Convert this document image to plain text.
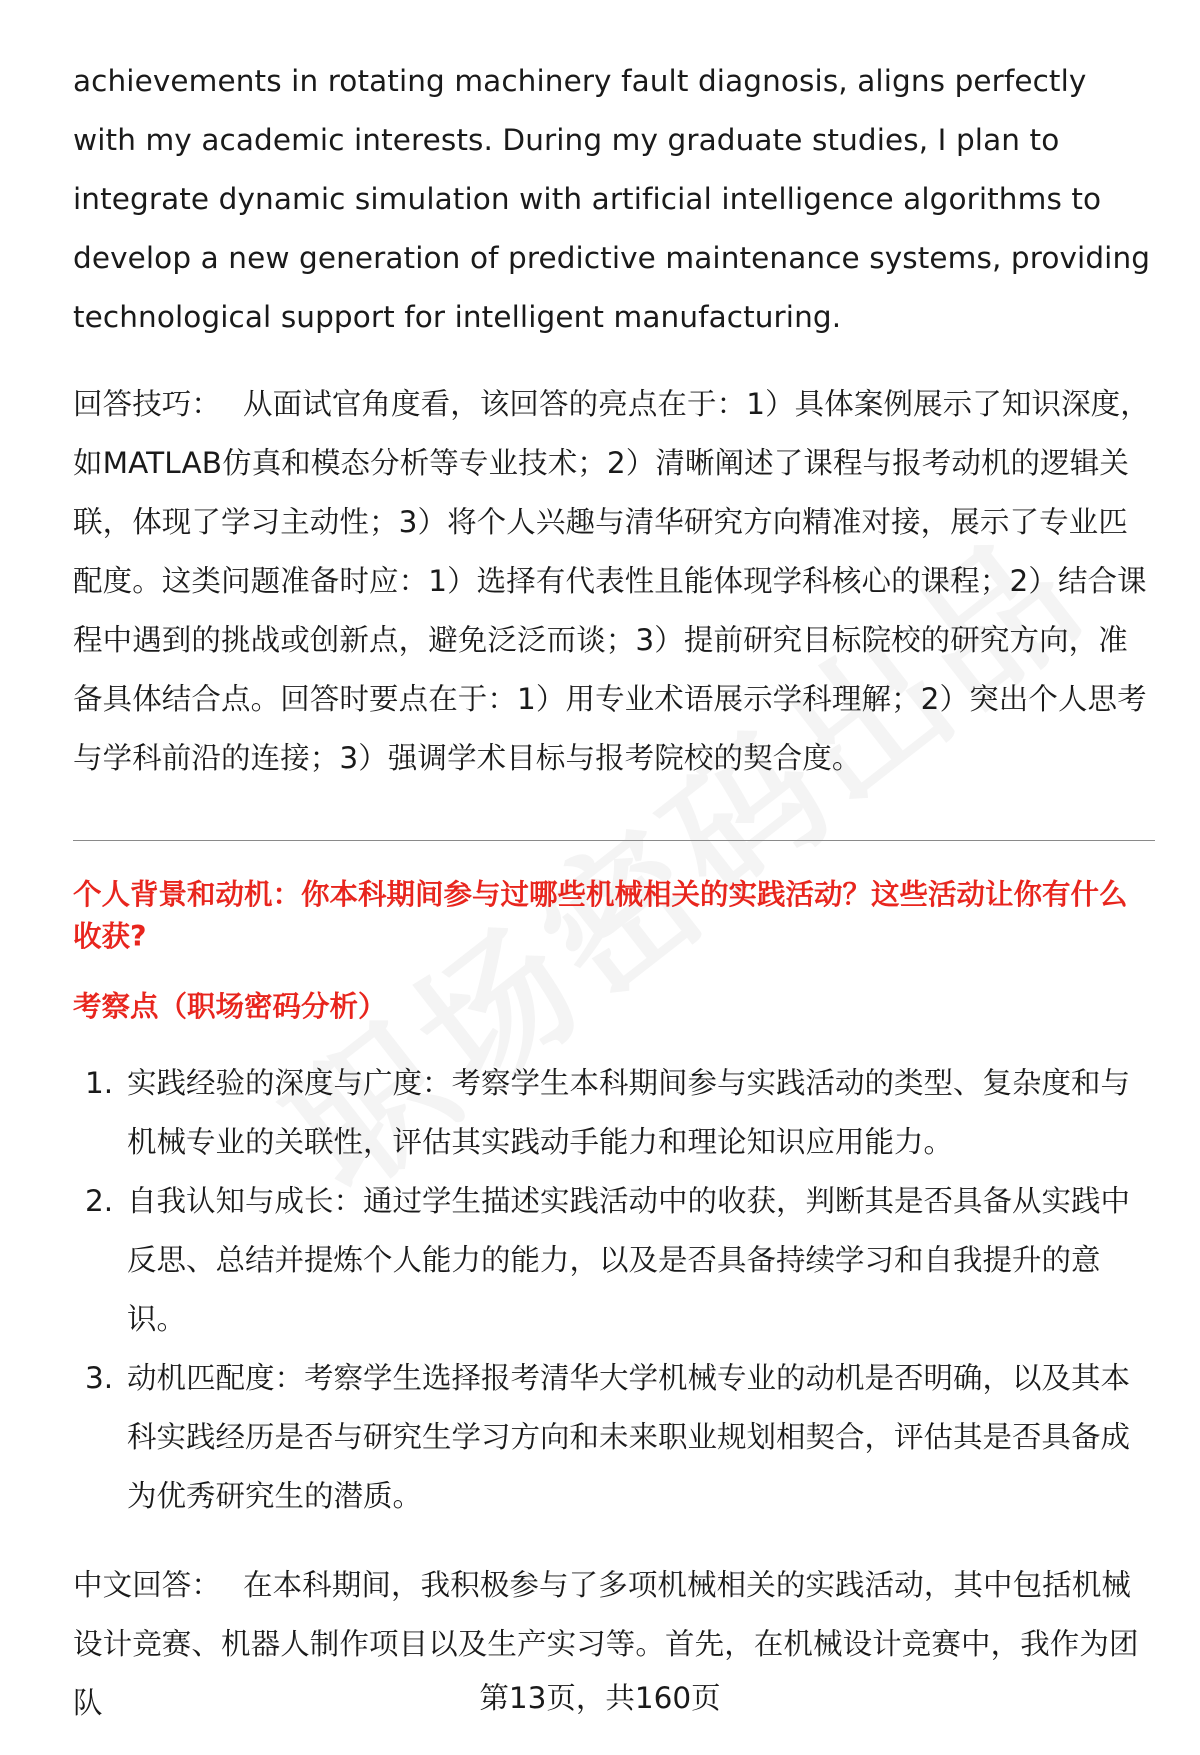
achievements in rotating machinery fault diagnosis, aligns perfectly with my academic interests. During my graduate studies, I plan to integrate dynamic simulation with artificial intelligence algorithms to develop a new generation of predictive maintenance systems, providing technological support for intelligent manufacturing.

回答技巧： 从面试官角度看，该回答的亮点在于：1）具体案例展示了知识深度，如MATLAB仿真和模态分析等专业技术；2）清晰阐述了课程与报考动机的逻辑关联，体现了学习主动性；3）将个人兴趣与清华研究方向精准对接，展示了专业匹配度。这类问题准备时应：1）选择有代表性且能体现学科核心的课程；2）结合课程中遇到的挑战或创新点，避免泛泛而谈；3）提前研究目标院校的研究方向，准备具体结合点。回答时要点在于：1）用专业术语展示学科理解；2）突出个人思考与学科前沿的连接；3）强调学术目标与报考院校的契合度。

个人背景和动机：你本科期间参与过哪些机械相关的实践活动？这些活动让你有什么收获?
考察点（职场密码分析）
1. 实践经验的深度与广度：考察学生本科期间参与实践活动的类型、复杂度和与机械专业的关联性，评估其实践动手能力和理论知识应用能力。
2. 自我认知与成长：通过学生描述实践活动中的收获，判断其是否具备从实践中反思、总结并提炼个人能力的能力，以及是否具备持续学习和自我提升的意识。
3. 动机匹配度：考察学生选择报考清华大学机械专业的动机是否明确，以及其本科实践经历是否与研究生学习方向和未来职业规划相契合，评估其是否具备成为优秀研究生的潜质。

中文回答： 在本科期间，我积极参与了多项机械相关的实践活动，其中包括机械设计竞赛、机器人制作项目以及生产实习等。首先，在机械设计竞赛中，我作为团队	第13页，共160页
